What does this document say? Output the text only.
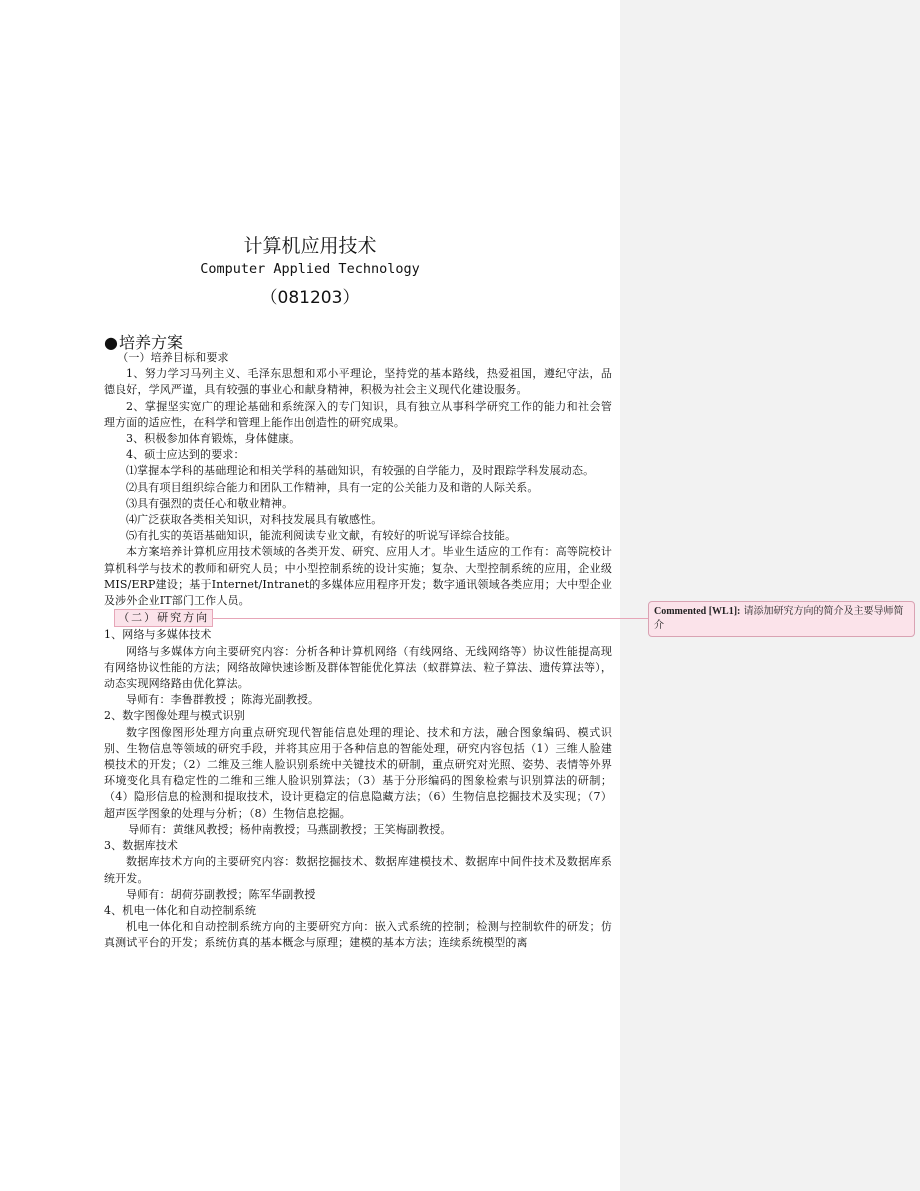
计算机应用技术
Computer Applied Technology
（081203）
●培养方案

（一）培养目标和要求

1、努力学习马列主义、毛泽东思想和邓小平理论，坚持党的基本路线，热爱祖国，遵纪守法，品德良好，学风严谨，具有较强的事业心和献身精神，积极为社会主义现代化建设服务。

2、掌握坚实宽广的理论基础和系统深入的专门知识，具有独立从事科学研究工作的能力和社会管理方面的适应性，在科学和管理上能作出创造性的研究成果。

3、积极参加体育锻炼，身体健康。

4、硕士应达到的要求：

⑴掌握本学科的基础理论和相关学科的基础知识，有较强的自学能力，及时跟踪学科发展动态。

⑵具有项目组织综合能力和团队工作精神，具有一定的公关能力及和谐的人际关系。

⑶具有强烈的责任心和敬业精神。

⑷广泛获取各类相关知识，对科技发展具有敏感性。

⑸有扎实的英语基础知识，能流利阅读专业文献，有较好的听说写译综合技能。

本方案培养计算机应用技术领域的各类开发、研究、应用人才。毕业生适应的工作有：高等院校计算机科学与技术的教师和研究人员；中小型控制系统的设计实施；复杂、大型控制系统的应用，企业级MIS/ERP建设；基于Internet/Intranet的多媒体应用程序开发；数字通讯领域各类应用；大中型企业及涉外企业IT部门工作人员。

（二）研究方向

1、网络与多媒体技术

网络与多媒体方向主要研究内容：分析各种计算机网络（有线网络、无线网络等）协议性能提高现有网络协议性能的方法；网络故障快速诊断及群体智能优化算法（蚁群算法、粒子算法、遗传算法等），动态实现网络路由优化算法。

导师有：李鲁群教授 ；陈海光副教授。

2、数字图像处理与模式识别

数字图像图形处理方向重点研究现代智能信息处理的理论、技术和方法，融合图象编码、模式识别、生物信息等领域的研究手段，并将其应用于各种信息的智能处理，研究内容包括（1）三维人脸建模技术的开发；（2）二维及三维人脸识别系统中关键技术的研制，重点研究对光照、姿势、表情等外界环境变化具有稳定性的二维和三维人脸识别算法；（3）基于分形编码的图象检索与识别算法的研制；（4）隐形信息的检测和提取技术，设计更稳定的信息隐藏方法；（6）生物信息挖掘技术及实现；（7）超声医学图象的处理与分析；（8）生物信息挖掘。

导师有：黄继风教授；杨仲南教授；马燕副教授；王笑梅副教授。

3、数据库技术

数据库技术方向的主要研究内容：数据挖掘技术、数据库建模技术、数据库中间件技术及数据库系统开发。

导师有：胡荷芬副教授；陈军华副教授

4、机电一体化和自动控制系统

机电一体化和自动控制系统方向的主要研究方向：嵌入式系统的控制；检测与控制软件的研发；仿真测试平台的开发；系统仿真的基本概念与原理；建模的基本方法；连续系统模型的离

Commented [WL1]: 请添加研究方向的简介及主要导师简介
